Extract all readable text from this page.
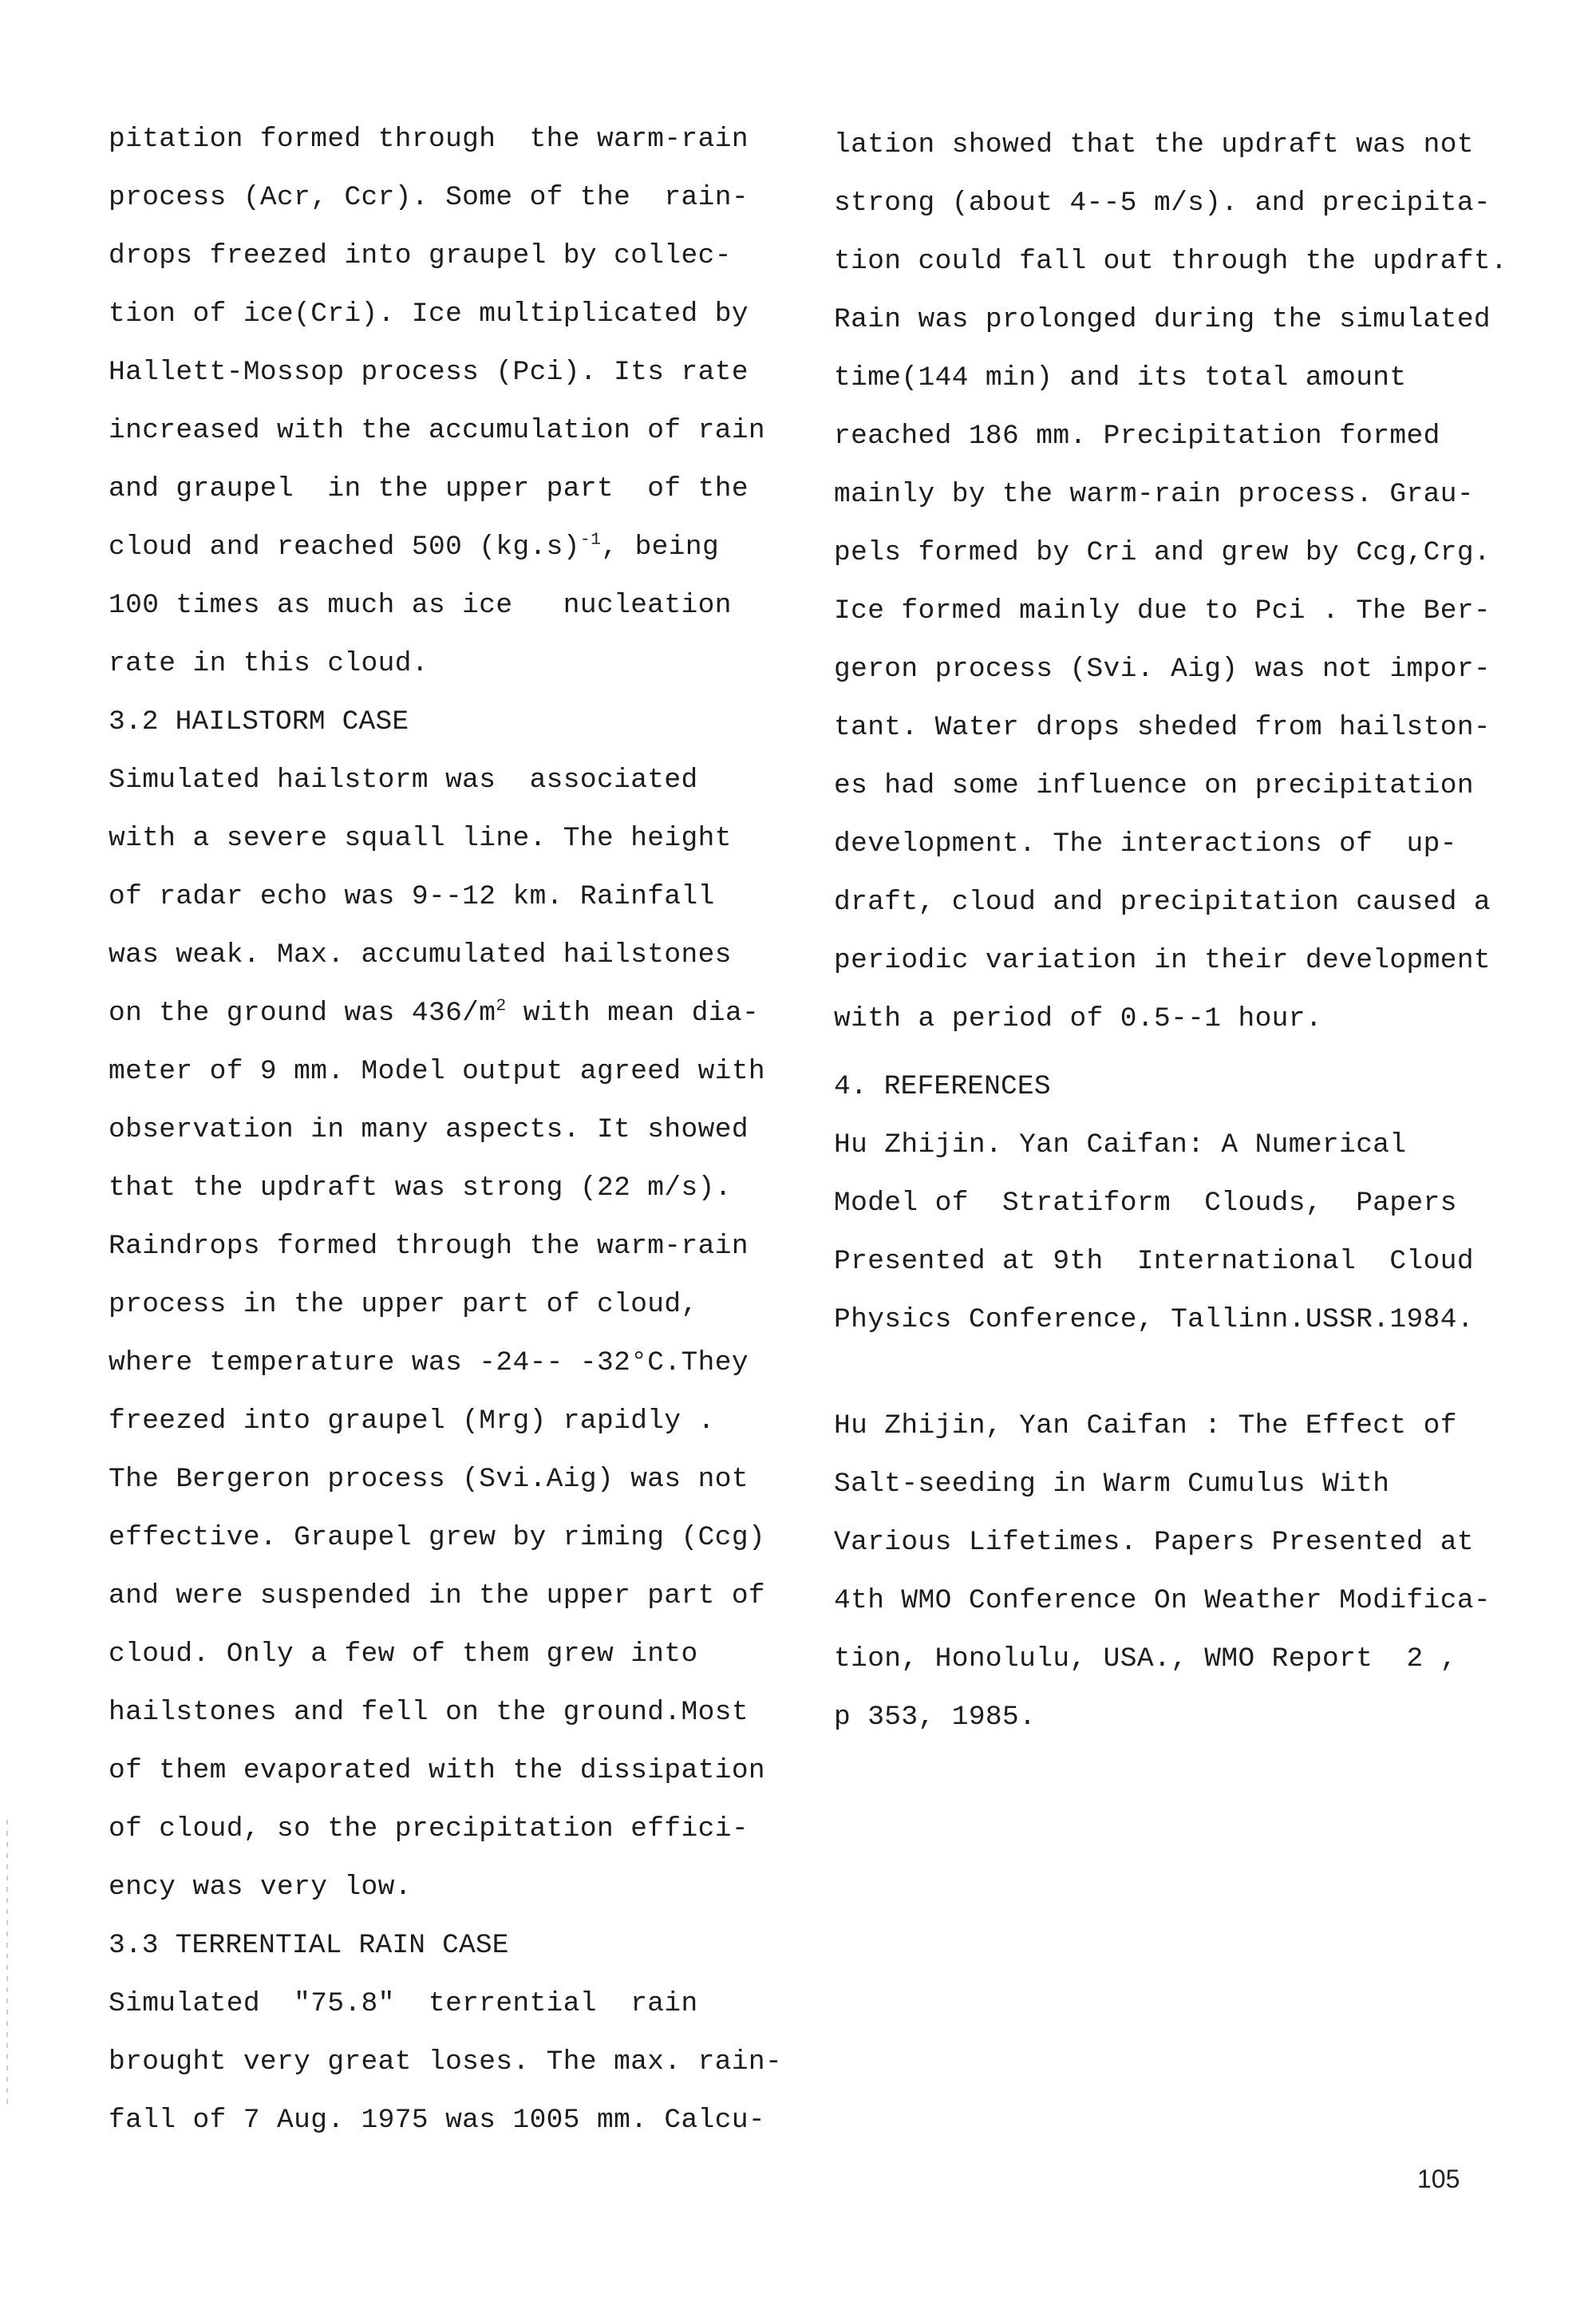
pitation formed through  the warm-rain
process (Acr, Ccr). Some of the  rain-
drops freezed into graupel by collec-
tion of ice(Cri). Ice multiplicated by
Hallett-Mossop process (Pci). Its rate
increased with the accumulation of rain
and graupel  in the upper part  of the
cloud and reached 500 $(kg.s)^{-1}$, being
100 times as much as ice   nucleation
rate in this cloud.
3.2 HAILSTORM CASE
Simulated hailstorm was  associated
with a severe squall line. The height
of radar echo was 9--12 km. Rainfall
was weak. Max. accumulated hailstones
on the ground was $436/m^2$ with mean dia-
meter of 9 mm. Model output agreed with
observation in many aspects. It showed
that the updraft was strong (22 m/s).
Raindrops formed through the warm-rain
process in the upper part of cloud,
where temperature was -24-- -32°C.They
freezed into graupel (Mrg) rapidly .
The Bergeron process (Svi.Aig) was not
effective. Graupel grew by riming (Ccg)
and were suspended in the upper part of
cloud. Only a few of them grew into
hailstones and fell on the ground.Most
of them evaporated with the dissipation
of cloud, so the precipitation effici-
ency was very low.
3.3 TERRENTIAL RAIN CASE
Simulated  "75.8"  terrential  rain
brought very great loses. The max. rain-
fall of 7 Aug. 1975 was 1005 mm. Calcu-
lation showed that the updraft was not
strong (about 4--5 m/s). and precipita-
tion could fall out through the updraft.
Rain was prolonged during the simulated
time(144 min) and its total amount
reached 186 mm. Precipitation formed
mainly by the warm-rain process. Grau-
pels formed by Cri and grew by Ccg,Crg.
Ice formed mainly due to Pci . The Ber-
geron process (Svi. Aig) was not impor-
tant. Water drops sheded from hailston-
es had some influence on precipitation
development. The interactions of  up-
draft, cloud and precipitation caused a
periodic variation in their development
with a period of 0.5--1 hour.
4. REFERENCES
Hu Zhijin. Yan Caifan: A Numerical
Model of  Stratiform  Clouds,  Papers
Presented at 9th  International  Cloud
Physics Conference, Tallinn.USSR.1984.
Hu Zhijin, Yan Caifan : The Effect of
Salt-seeding in Warm Cumulus With
Various Lifetimes. Papers Presented at
4th WMO Conference On Weather Modifica-
tion, Honolulu, USA., WMO Report  2 ,
p 353, 1985.
105
